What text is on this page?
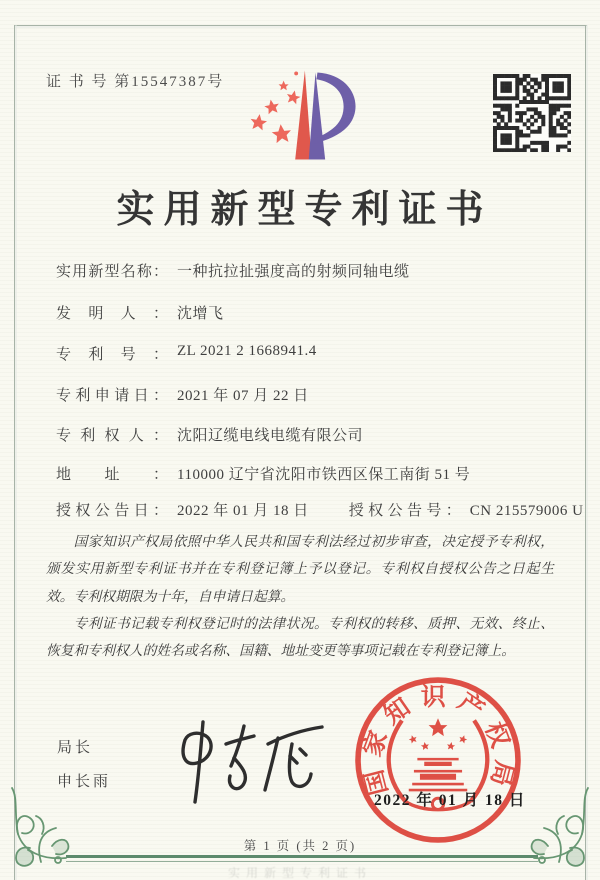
证 书 号 第15547387号
实用新型专利证书
实用新型名称： 一种抗拉扯强度高的射频同轴电缆
发明人： 沈增飞
专利号： ZL 2021 2 1668941.4
专利申请日： 2021 年 07 月 22 日
专利权人： 沈阳辽缆电线电缆有限公司
地址： 110000 辽宁省沈阳市铁西区保工南街 51 号
授权公告日： 2022 年 01 月 18 日	授权公告号： CN 215579006 U

国家知识产权局依照中华人民共和国专利法经过初步审查，决定授予专利权，颁发实用新型专利证书并在专利登记簿上予以登记。专利权自授权公告之日起生效。专利权期限为十年，自申请日起算。

专利证书记载专利权登记时的法律状况。专利权的转移、质押、无效、终止、恢复和专利权人的姓名或名称、国籍、地址变更等事项记载在专利登记簿上。

局长
申长雨	国家知识产权局
2022 年 01 月 18 日
第 1 页 (共 2 页)
实用新型专利证书
